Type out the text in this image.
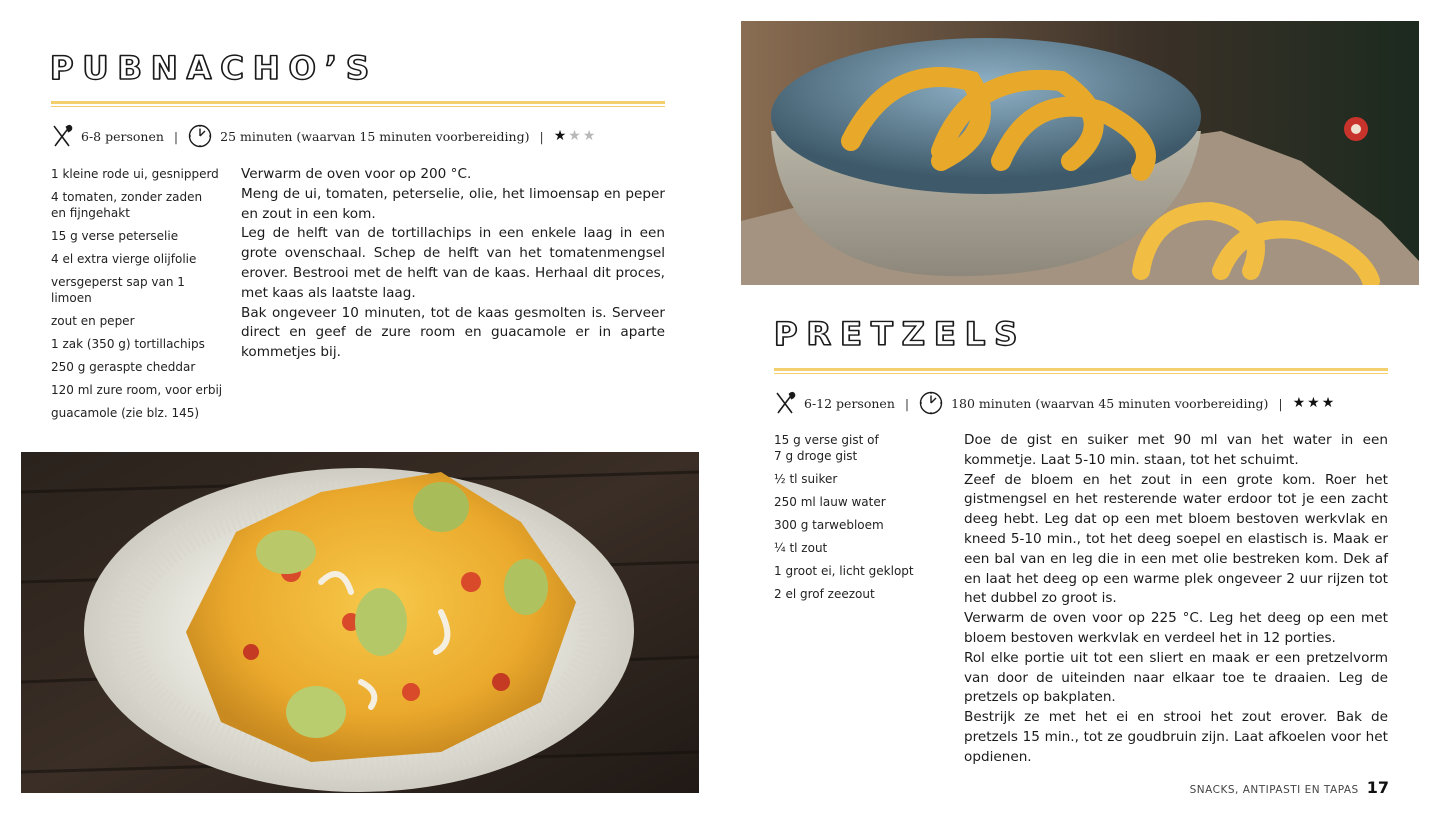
PUBNACHO’S
6-8 personen |	25 minuten (waarvan 15 minuten voorbereiding) | ★ ★ ★
1 kleine rode ui, gesnipperd
4 tomaten, zonder zaden en fijngehakt
15 g verse peterselie
4 el extra vierge olijfolie
versgeperst sap van 1 limoen
zout en peper
1 zak (350 g) tortillachips
250 g geraspte cheddar
120 ml zure room, voor erbij
guacamole (zie blz. 145)

Verwarm de oven voor op 200 °C.

Meng de ui, tomaten, peterselie, olie, het limoensap en peper en zout in een kom.

Leg de helft van de tortillachips in een enkele laag in een grote ovenschaal. Schep de helft van het tomatenmengsel erover. Bestrooi met de helft van de kaas. Herhaal dit proces, met kaas als laatste laag.

Bak ongeveer 10 minuten, tot de kaas gesmolten is. Serveer direct en geef de zure room en guacamole er in aparte kommetjes bij.	PRETZELS
6-12 personen |	180 minuten (waarvan 45 minuten voorbereiding) | ★ ★ ★
15 g verse gist of 7 g droge gist
½ tl suiker
250 ml lauw water
300 g tarwebloem
¼ tl zout
1 groot ei, licht geklopt
2 el grof zeezout

Doe de gist en suiker met 90 ml van het water in een kommetje. Laat 5-10 min. staan, tot het schuimt.

Zeef de bloem en het zout in een grote kom. Roer het gistmengsel en het resterende water erdoor tot je een zacht deeg hebt. Leg dat op een met bloem bestoven werkvlak en kneed 5-10 min., tot het deeg soepel en elastisch is. Maak er een bal van en leg die in een met olie bestreken kom. Dek af en laat het deeg op een warme plek ongeveer 2 uur rijzen tot het dubbel zo groot is.

Verwarm de oven voor op 225 °C. Leg het deeg op een met bloem bestoven werkvlak en verdeel het in 12 porties.

Rol elke portie uit tot een sliert en maak er een pretzelvorm van door de uiteinden naar elkaar toe te draaien. Leg de pretzels op bakplaten.

Bestrijk ze met het ei en strooi het zout erover. Bak de pretzels 15 min., tot ze goudbruin zijn. Laat afkoelen voor het opdienen.

SNACKS, ANTIPASTI EN TAPAS 17
